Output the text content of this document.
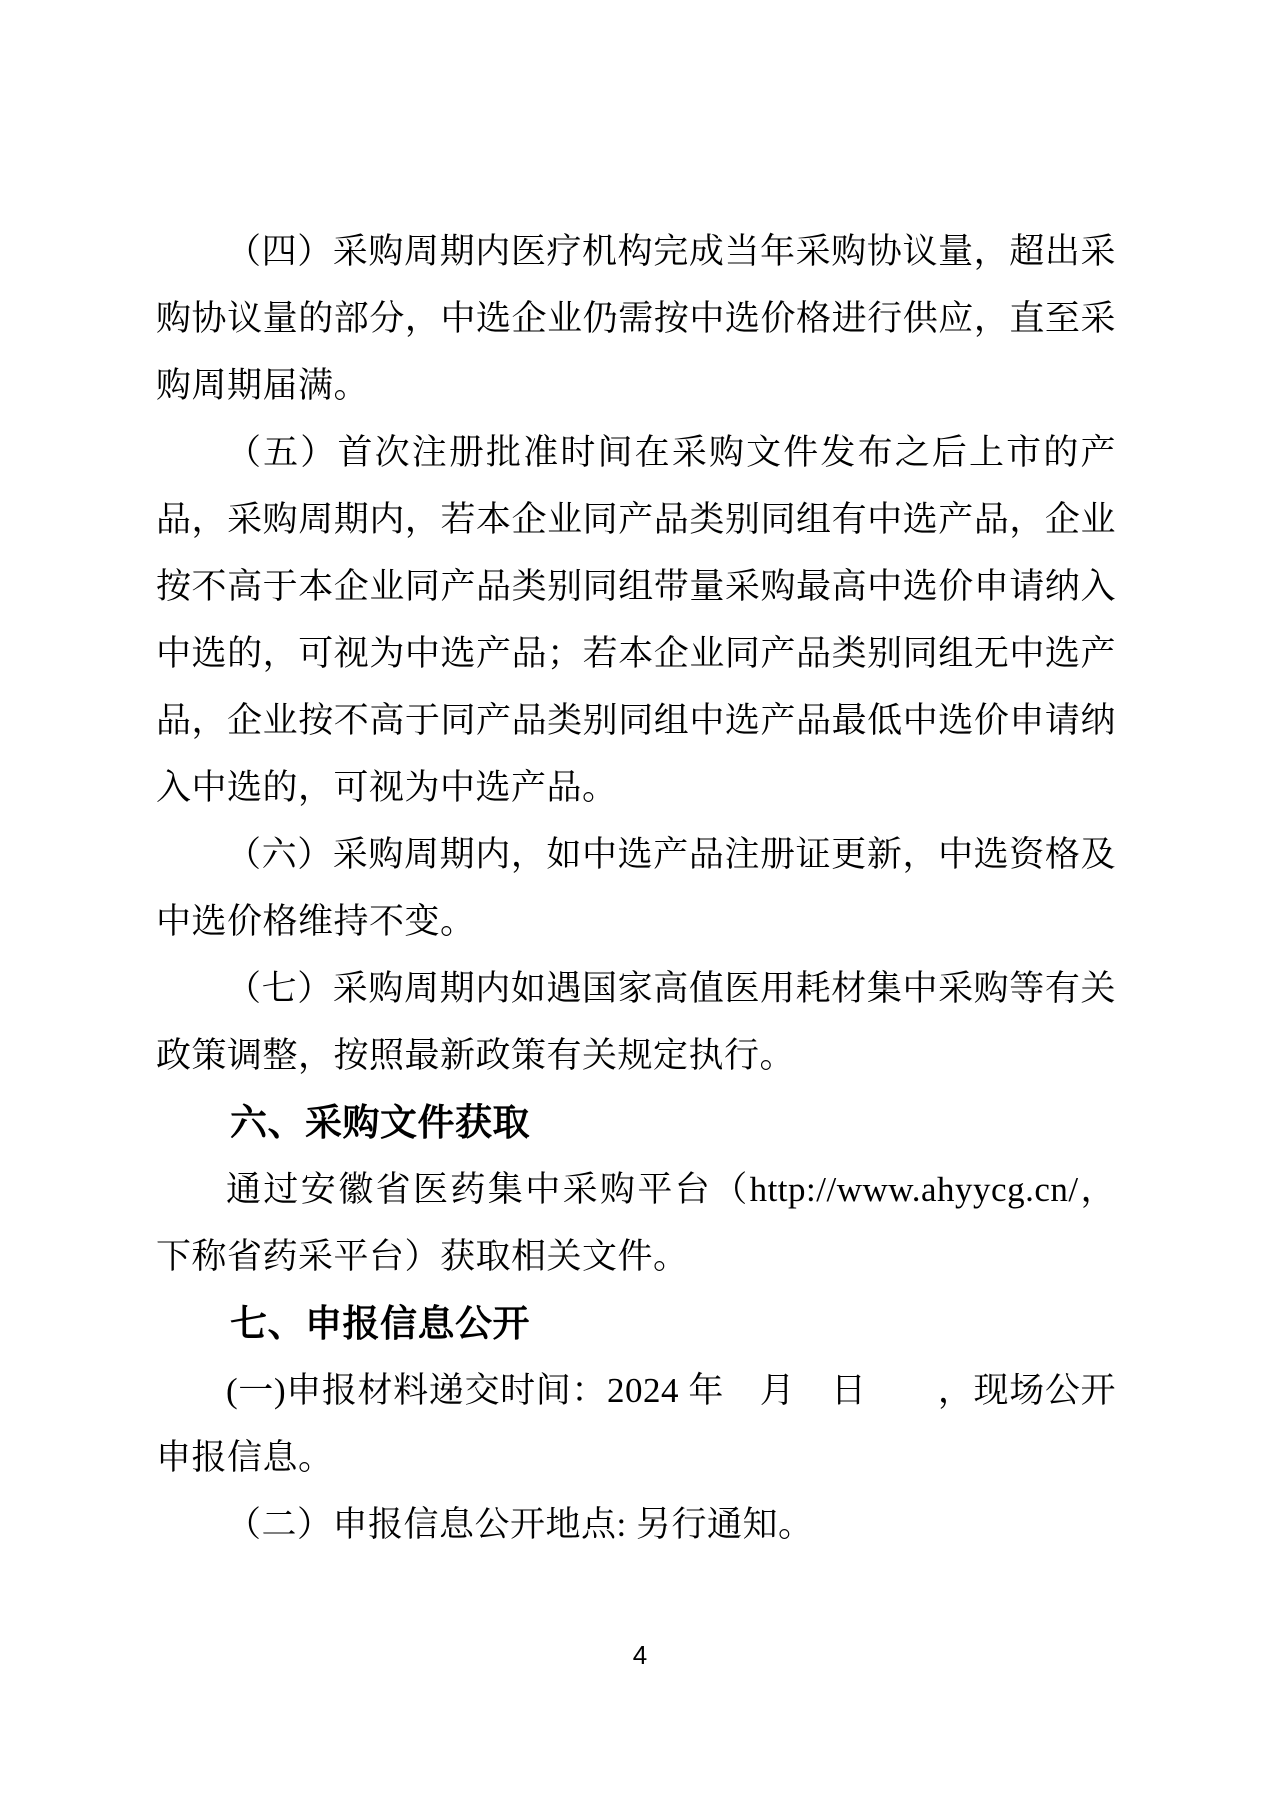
（四）采购周期内医疗机构完成当年采购协议量，超出采购协议量的部分，中选企业仍需按中选价格进行供应，直至采购周期届满。

（五）首次注册批准时间在采购文件发布之后上市的产品，采购周期内，若本企业同产品类别同组有中选产品，企业按不高于本企业同产品类别同组带量采购最高中选价申请纳入中选的，可视为中选产品；若本企业同产品类别同组无中选产品，企业按不高于同产品类别同组中选产品最低中选价申请纳入中选的，可视为中选产品。

（六）采购周期内，如中选产品注册证更新，中选资格及中选价格维持不变。

（七）采购周期内如遇国家高值医用耗材集中采购等有关政策调整，按照最新政策有关规定执行。

六、采购文件获取

通过安徽省医药集中采购平台（http://www.ahyycg.cn/，下称省药采平台）获取相关文件。

七、申报信息公开

(一)申报材料递交时间：2024 年　月　日　　，现场公开申报信息。

（二）申报信息公开地点: 另行通知。

4
